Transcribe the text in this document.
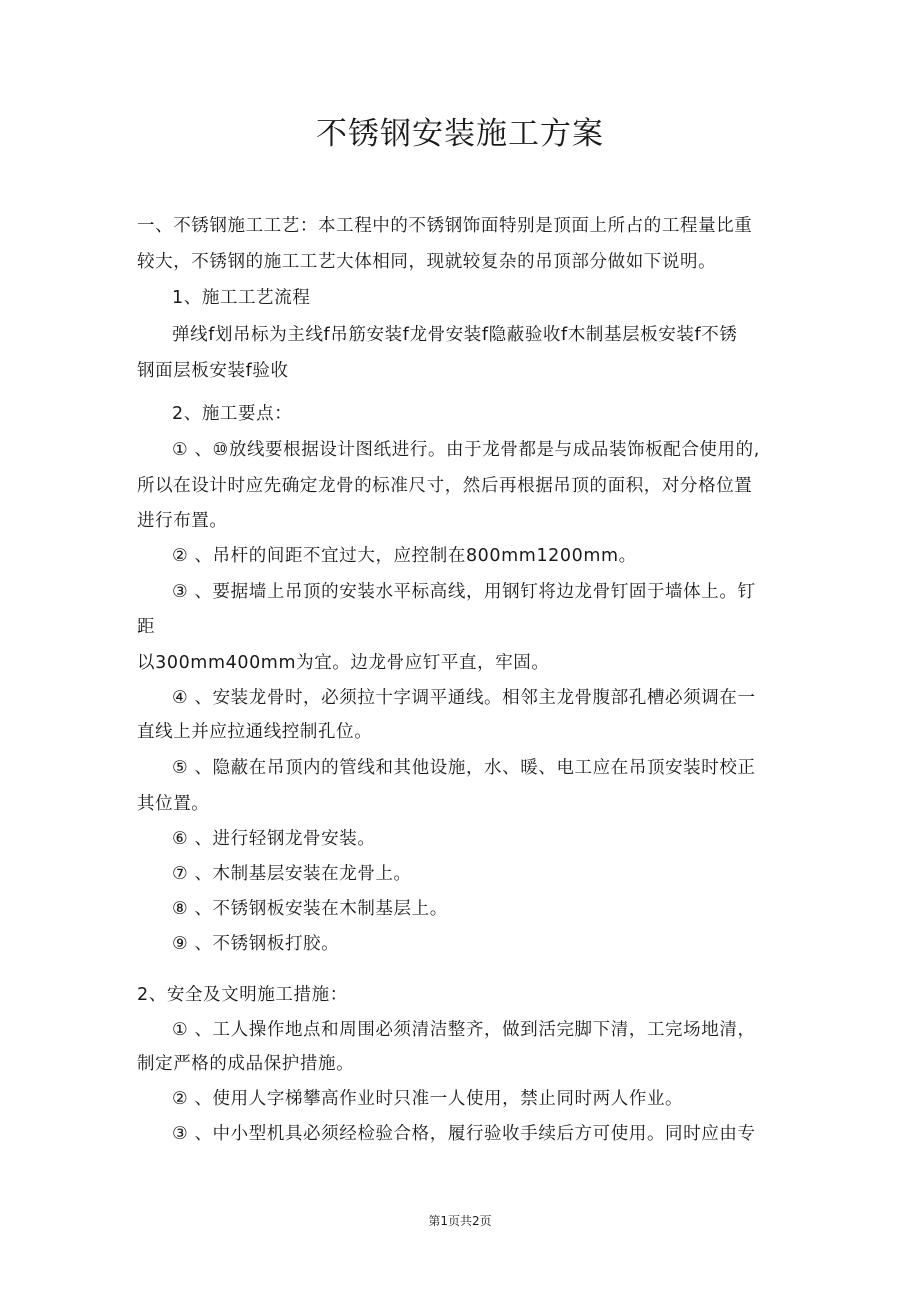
不锈钢安装施工方案
一、不锈钢施工工艺：本工程中的不锈钢饰面特别是顶面上所占的工程量比重
较大，不锈钢的施工工艺大体相同，现就较复杂的吊顶部分做如下说明。
1、施工工艺流程
弹线f划吊标为主线f吊筋安装f龙骨安装f隐蔽验收f木制基层板安装f不锈
钢面层板安装f验收
2、施工要点：
① 、⑩放线要根据设计图纸进行。由于龙骨都是与成品装饰板配合使用的,
所以在设计时应先确定龙骨的标准尺寸，然后再根据吊顶的面积，对分格位置
进行布置。
② 、吊杆的间距不宜过大，应控制在800mm1200mm。
③ 、要据墙上吊顶的安装水平标高线，用钢钉将边龙骨钉固于墙体上。钉
距
以300mm400mm为宜。边龙骨应钉平直，牢固。
④ 、安装龙骨时，必须拉十字调平通线。相邻主龙骨腹部孔槽必须调在一
直线上并应拉通线控制孔位。
⑤ 、隐蔽在吊顶内的管线和其他设施，水、暖、电工应在吊顶安装时校正
其位置。
⑥ 、进行轻钢龙骨安装。
⑦ 、木制基层安装在龙骨上。
⑧ 、不锈钢板安装在木制基层上。
⑨ 、不锈钢板打胶。
2、安全及文明施工措施：
① 、工人操作地点和周围必须清洁整齐，做到活完脚下清，工完场地清，
制定严格的成品保护措施。
② 、使用人字梯攀高作业时只准一人使用，禁止同时两人作业。
③ 、中小型机具必须经检验合格，履行验收手续后方可使用。同时应由专
第1页共2页
